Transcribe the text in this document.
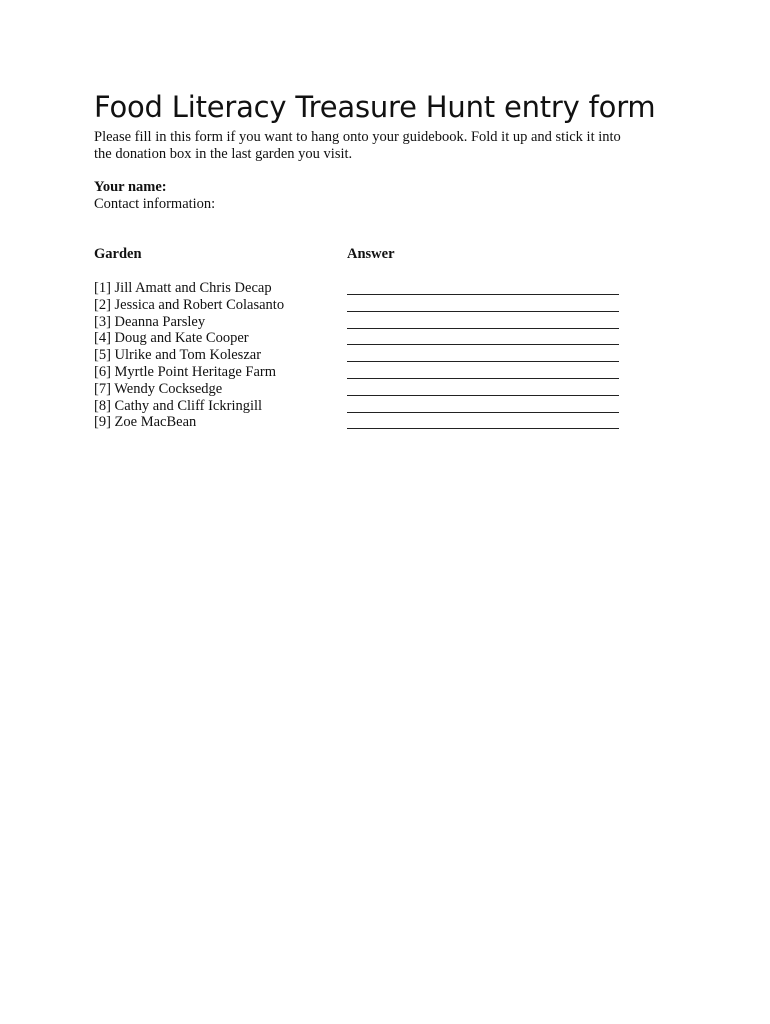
Food Literacy Treasure Hunt entry form
Please fill in this form if you want to hang onto your guidebook. Fold it up and stick it into
the donation box in the last garden you visit.
Your name:
Contact information:
Garden	Answer
[1] Jill Amatt and Chris Decap
[2] Jessica and Robert Colasanto
[3] Deanna Parsley
[4] Doug and Kate Cooper
[5] Ulrike and Tom Koleszar
[6] Myrtle Point Heritage Farm
[7] Wendy Cocksedge
[8] Cathy and Cliff Ickringill
[9] Zoe MacBean
